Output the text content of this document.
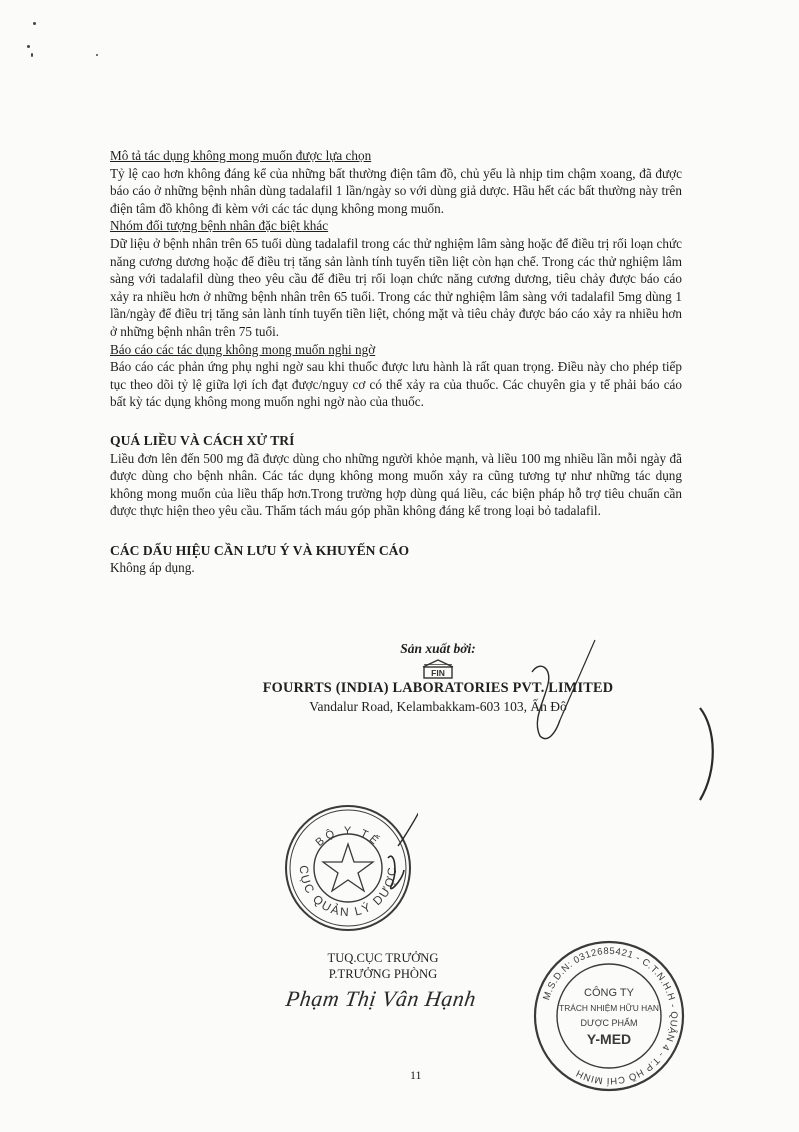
Mô tả tác dụng không mong muốn được lựa chọn

Tỷ lệ cao hơn không đáng kể của những bất thường điện tâm đồ, chủ yếu là nhịp tim chậm xoang, đã được báo cáo ở những bệnh nhân dùng tadalafil 1 lần/ngày so với dùng giả dược. Hầu hết các bất thường này trên điện tâm đồ không đi kèm với các tác dụng không mong muốn.

Nhóm đối tượng bệnh nhân đặc biệt khác

Dữ liệu ở bệnh nhân trên 65 tuổi dùng tadalafil trong các thử nghiệm lâm sàng hoặc để điều trị rối loạn chức năng cương dương hoặc để điều trị tăng sản lành tính tuyến tiền liệt còn hạn chế. Trong các thử nghiệm lâm sàng với tadalafil dùng theo yêu cầu để điều trị rối loạn chức năng cương dương, tiêu chảy được báo cáo xảy ra nhiều hơn ở những bệnh nhân trên 65 tuổi. Trong các thử nghiệm lâm sàng với tadalafil 5mg dùng 1 lần/ngày để điều trị tăng sản lành tính tuyến tiền liệt, chóng mặt và tiêu chảy được báo cáo xảy ra nhiều hơn ở những bệnh nhân trên 75 tuổi.

Báo cáo các tác dụng không mong muốn nghi ngờ

Báo cáo các phản ứng phụ nghi ngờ sau khi thuốc được lưu hành là rất quan trọng. Điều này cho phép tiếp tục theo dõi tỷ lệ giữa lợi ích đạt được/nguy cơ có thể xảy ra của thuốc. Các chuyên gia y tế phải báo cáo bất kỳ tác dụng không mong muốn nghi ngờ nào của thuốc.

QUÁ LIỀU VÀ CÁCH XỬ TRÍ

Liều đơn lên đến 500 mg đã được dùng cho những người khỏe mạnh, và liều 100 mg nhiều lần mỗi ngày đã được dùng cho bệnh nhân. Các tác dụng không mong muốn xảy ra cũng tương tự như những tác dụng không mong muốn của liều thấp hơn.Trong trường hợp dùng quá liều, các biện pháp hỗ trợ tiêu chuẩn cần được thực hiện theo yêu cầu. Thẩm tách máu góp phần không đáng kể trong loại bỏ tadalafil.

CÁC DẤU HIỆU CẦN LƯU Ý VÀ KHUYẾN CÁO

Không áp dụng.

Sản xuất bởi:

FIN

FOURRTS (INDIA) LABORATORIES PVT. LIMITED

Vandalur Road, Kelambakkam-603 103, Ấn Độ

BỘ Y TẾ
CỤC QUẢN LÝ DƯỢC
TUQ.CỤC TRƯỞNG
P.TRƯỞNG PHÒNG
Phạm Thị Vân Hạnh	M.S.D.N: 0312685421 - C.T.N.H.H - QUẬN 4 - T.P HỒ CHÍ MINH
CÔNG TY
TRÁCH NHIỆM HỮU HẠN
DƯỢC PHẨM
Y-MED
11
